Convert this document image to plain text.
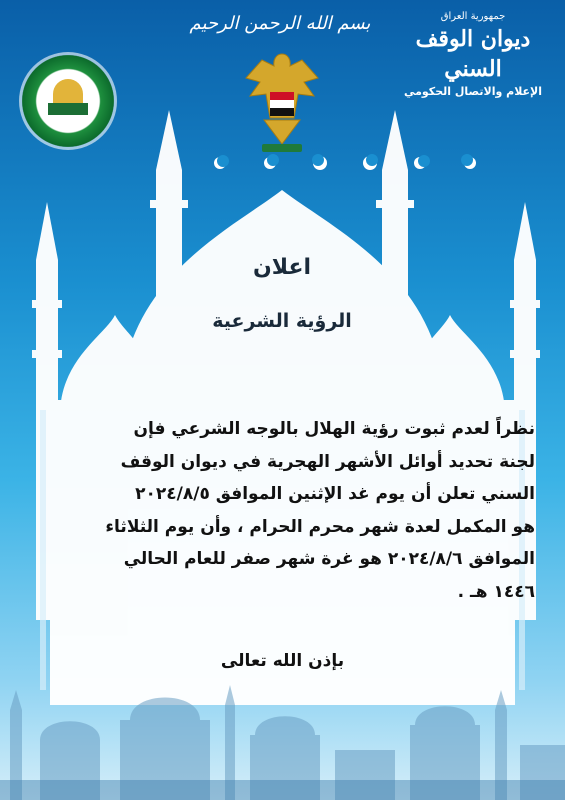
بسم الله الرحمن الرحيم	جمهورية العراق
ديوان الوقف السني
الإعلام والاتصال الحكومي
اعلان
الرؤية الشرعية
نظراً لعدم ثبوت رؤية الهلال بالوجه الشرعي فإن
لجنة تحديد أوائل الأشهر الهجرية في ديوان الوقف
السني تعلن أن يوم غد الإثنين الموافق ٢٠٢٤/٨/٥
هو المكمل لعدة شهر محرم الحرام ، وأن يوم الثلاثاء
الموافق ٢٠٢٤/٨/٦ هو غرة شهر صفر للعام الحالي
١٤٤٦ هـ .
بإذن الله تعالى
